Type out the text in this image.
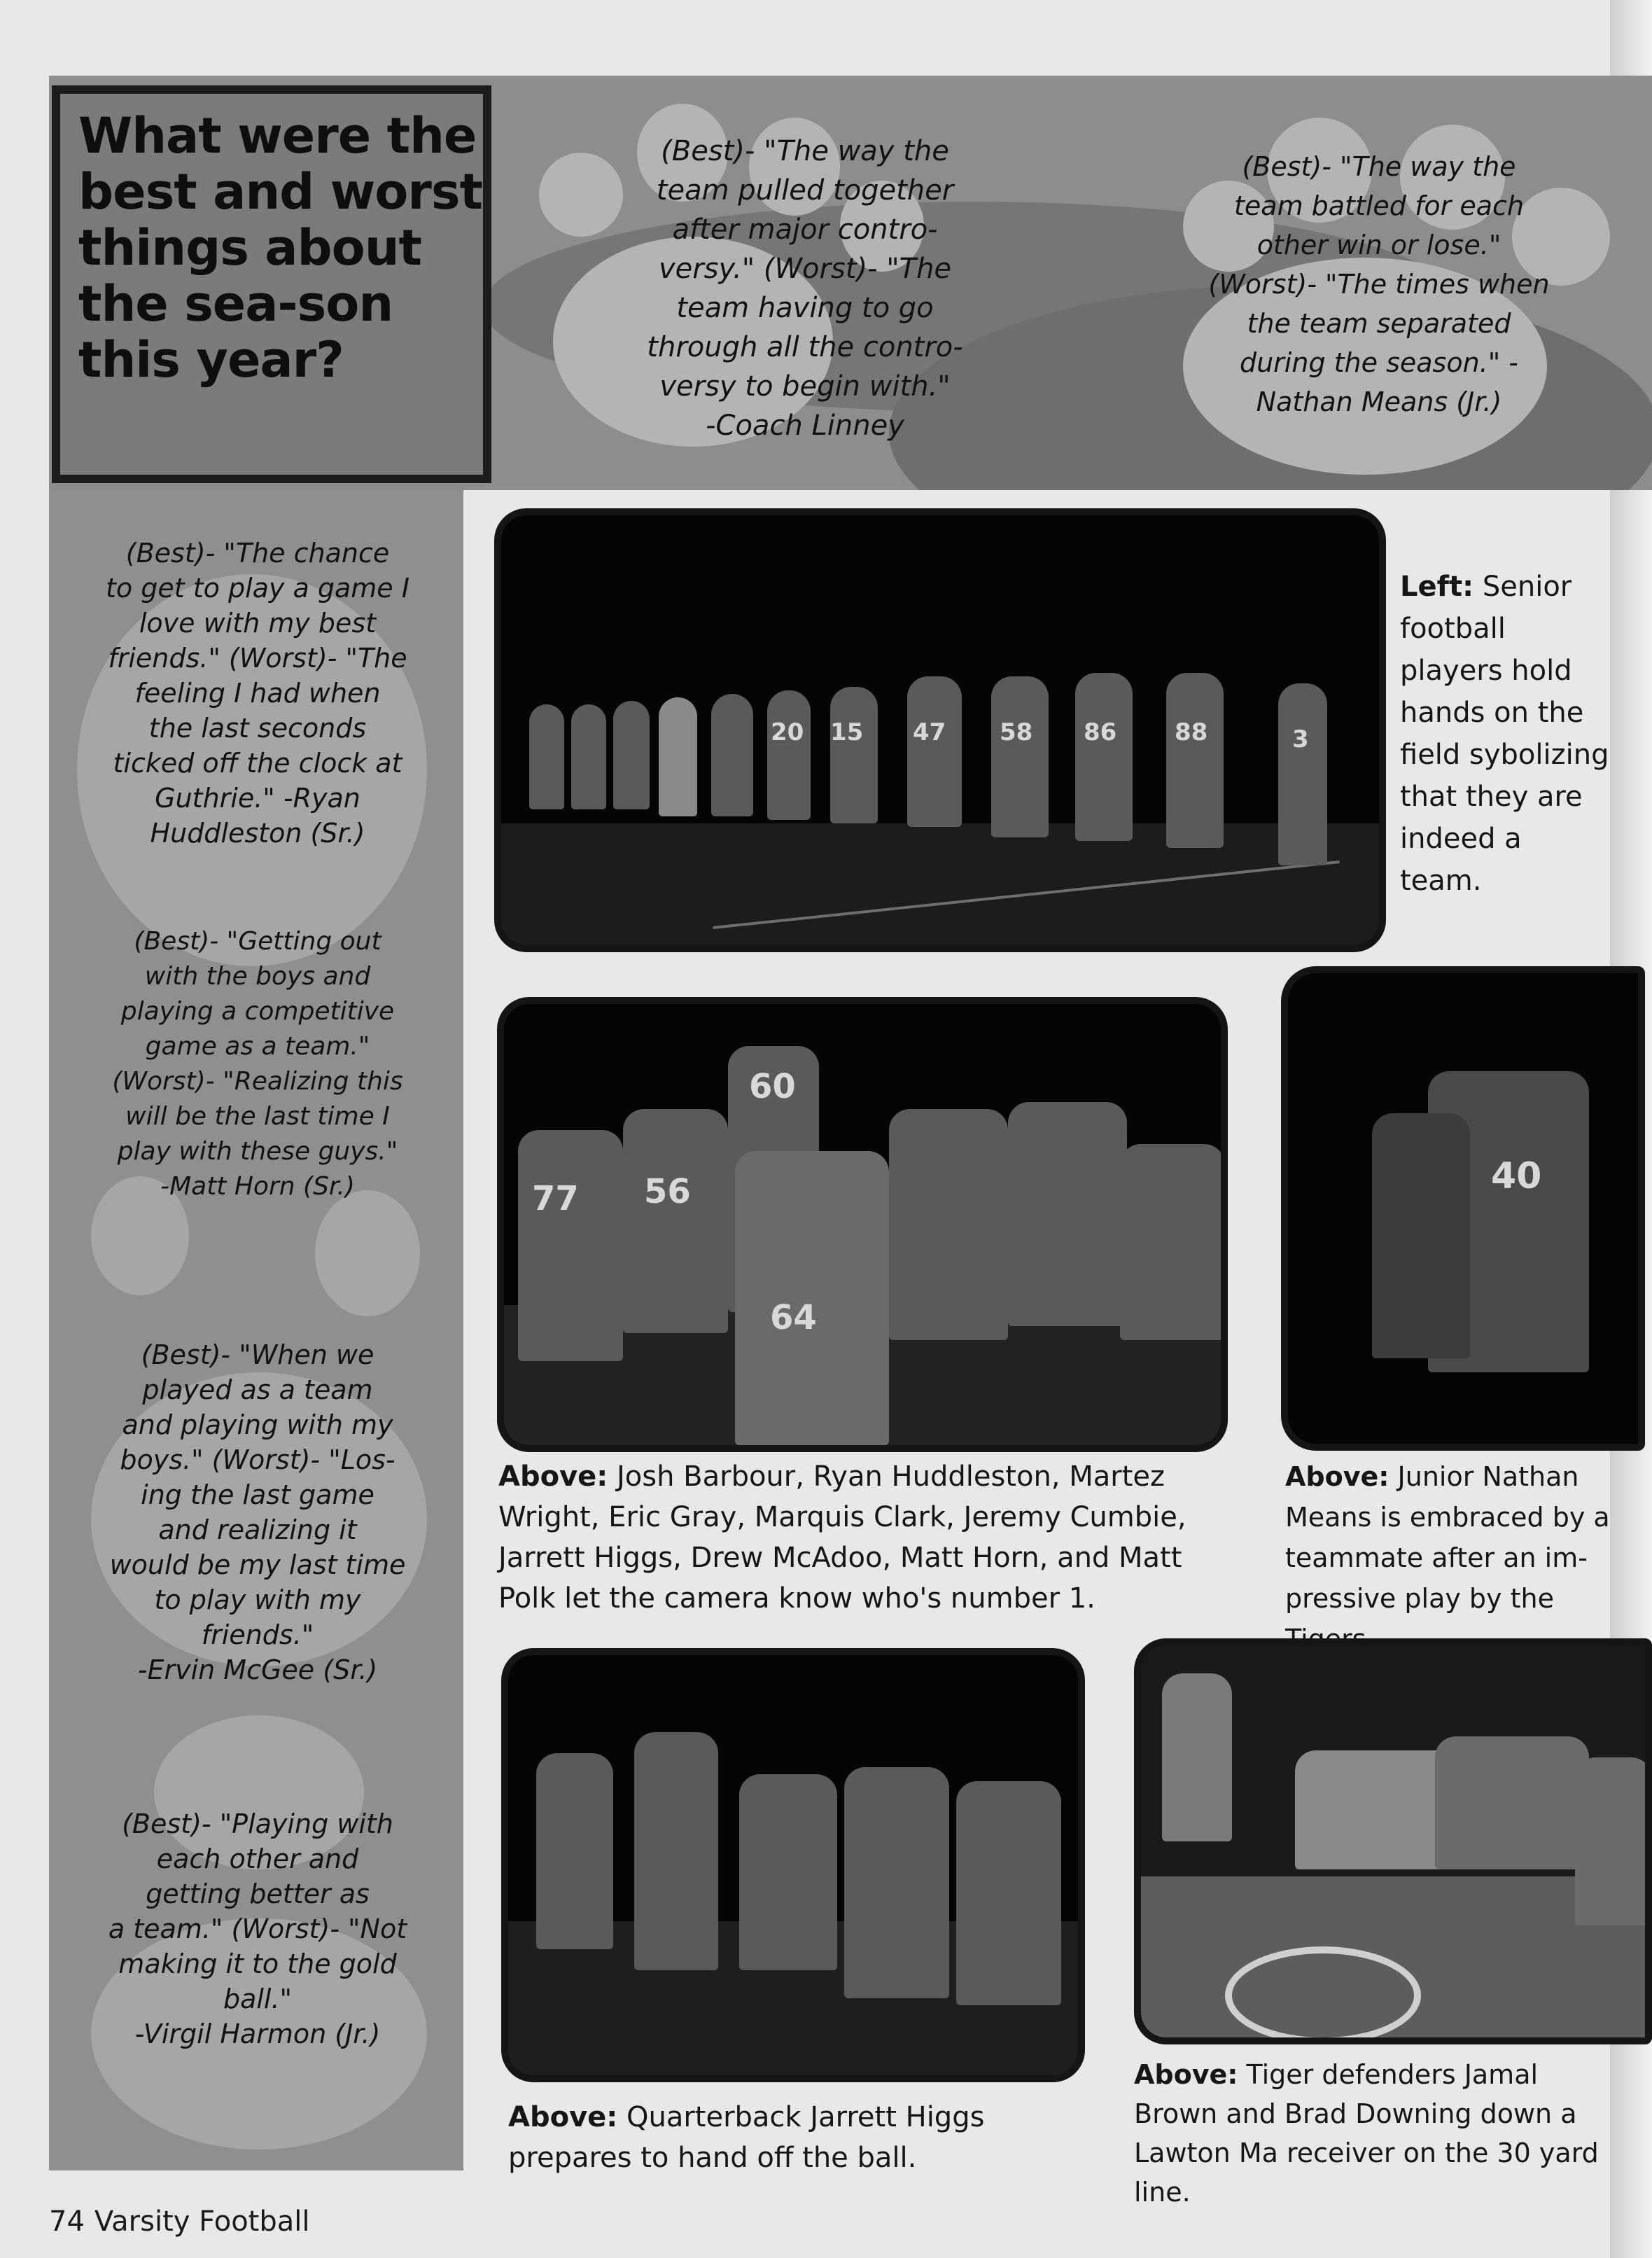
What were the best and worst things about the sea-son this year?
(Best)- "The way the
team pulled together
after major contro-
versy." (Worst)- "The
team having to go
through all the contro-
versy to begin with."
-Coach Linney
(Best)- "The way the
team battled for each
other win or lose."
(Worst)- "The times when
the team separated
during the season." -
Nathan Means (Jr.)
(Best)- "The chance
to get to play a game I
love with my best
friends." (Worst)- "The
feeling I had when
the last seconds
ticked off the clock at
Guthrie." -Ryan
Huddleston (Sr.)
(Best)- "Getting out
with the boys and
playing a competitive
game as a team."
(Worst)- "Realizing this
will be the last time I
play with these guys."
-Matt Horn (Sr.)
(Best)- "When we
played as a team
and playing with my
boys." (Worst)- "Los-
ing the last game
and realizing it
would be my last time
to play with my
friends."
-Ervin McGee (Sr.)
(Best)- "Playing with
each other and
getting better as
a team." (Worst)- "Not
making it to the gold
ball."
-Virgil Harmon (Jr.)
15
20	47 58 86 88	3
Left: Senior football players hold hands on the field sybolizing that they are indeed a team.
77 56
64
60
Above: Josh Barbour, Ryan Huddleston, Martez Wright, Eric Gray, Marquis Clark, Jeremy Cumbie, Jarrett Higgs, Drew McAdoo, Matt Horn, and Matt Polk let the camera know who's number 1.
40
Above: Junior Nathan Means is embraced by a teammate after an im-pressive play by the
Above: Quarterback Jarrett Higgs prepares to hand off the ball.
Above: Tiger defenders Jamal Brown and Brad Downing down a Lawton Ma receiver on the 30 yard line.
74 Varsity Football
